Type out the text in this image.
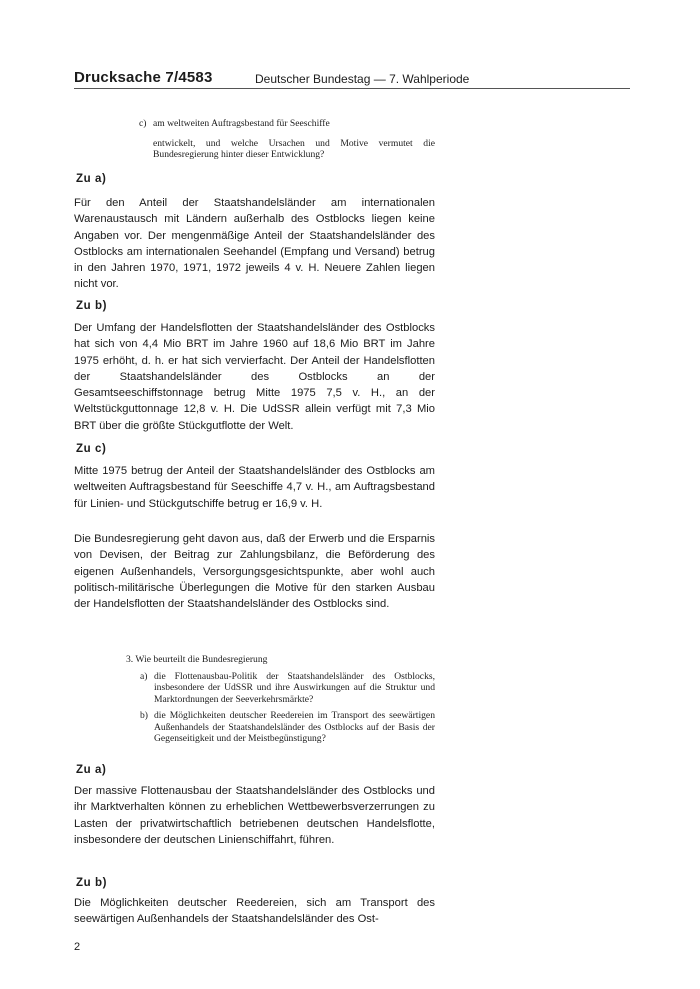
Drucksache 7/4583	Deutscher Bundestag — 7. Wahlperiode
c) am weltweiten Auftragsbestand für Seeschiffe
entwickelt, und welche Ursachen und Motive vermutet die Bundesregierung hinter dieser Entwicklung?
Zu a)
Für den Anteil der Staatshandelsländer am internationalen Warenaustausch mit Ländern außerhalb des Ostblocks liegen keine Angaben vor. Der mengenmäßige Anteil der Staatshandelsländer des Ostblocks am internationalen Seehandel (Empfang und Versand) betrug in den Jahren 1970, 1971, 1972 jeweils 4 v. H. Neuere Zahlen liegen nicht vor.
Zu b)
Der Umfang der Handelsflotten der Staatshandelsländer des Ostblocks hat sich von 4,4 Mio BRT im Jahre 1960 auf 18,6 Mio BRT im Jahre 1975 erhöht, d. h. er hat sich vervierfacht. Der Anteil der Handelsflotten der Staatshandelsländer des Ostblocks an der Gesamtseeschiffstonnage betrug Mitte 1975 7,5 v. H., an der Weltstückguttonnage 12,8 v. H. Die UdSSR allein verfügt mit 7,3 Mio BRT über die größte Stückgutflotte der Welt.
Zu c)
Mitte 1975 betrug der Anteil der Staatshandelsländer des Ostblocks am weltweiten Auftragsbestand für Seeschiffe 4,7 v. H., am Auftragsbestand für Linien- und Stückgutschiffe betrug er 16,9 v. H.
Die Bundesregierung geht davon aus, daß der Erwerb und die Ersparnis von Devisen, der Beitrag zur Zahlungsbilanz, die Beförderung des eigenen Außenhandels, Versorgungsgesichtspunkte, aber wohl auch politisch-militärische Überlegungen die Motive für den starken Ausbau der Handelsflotten der Staatshandelsländer des Ostblocks sind.
3. Wie beurteilt die Bundesregierung
a) die Flottenausbau-Politik der Staatshandelsländer des Ostblocks, insbesondere der UdSSR und ihre Auswirkungen auf die Struktur und Marktordnungen der Seeverkehrsmärkte?
b) die Möglichkeiten deutscher Reedereien im Transport des seewärtigen Außenhandels der Staatshandelsländer des Ostblocks auf der Basis der Gegenseitigkeit und der Meistbegünstigung?
Zu a)
Der massive Flottenausbau der Staatshandelsländer des Ostblocks und ihr Marktverhalten können zu erheblichen Wettbewerbsverzerrungen zu Lasten der privatwirtschaftlich betriebenen deutschen Handelsflotte, insbesondere der deutschen Linienschiffahrt, führen.
Zu b)
Die Möglichkeiten deutscher Reedereien, sich am Transport des seewärtigen Außenhandels der Staatshandelsländer des Ost-
2
